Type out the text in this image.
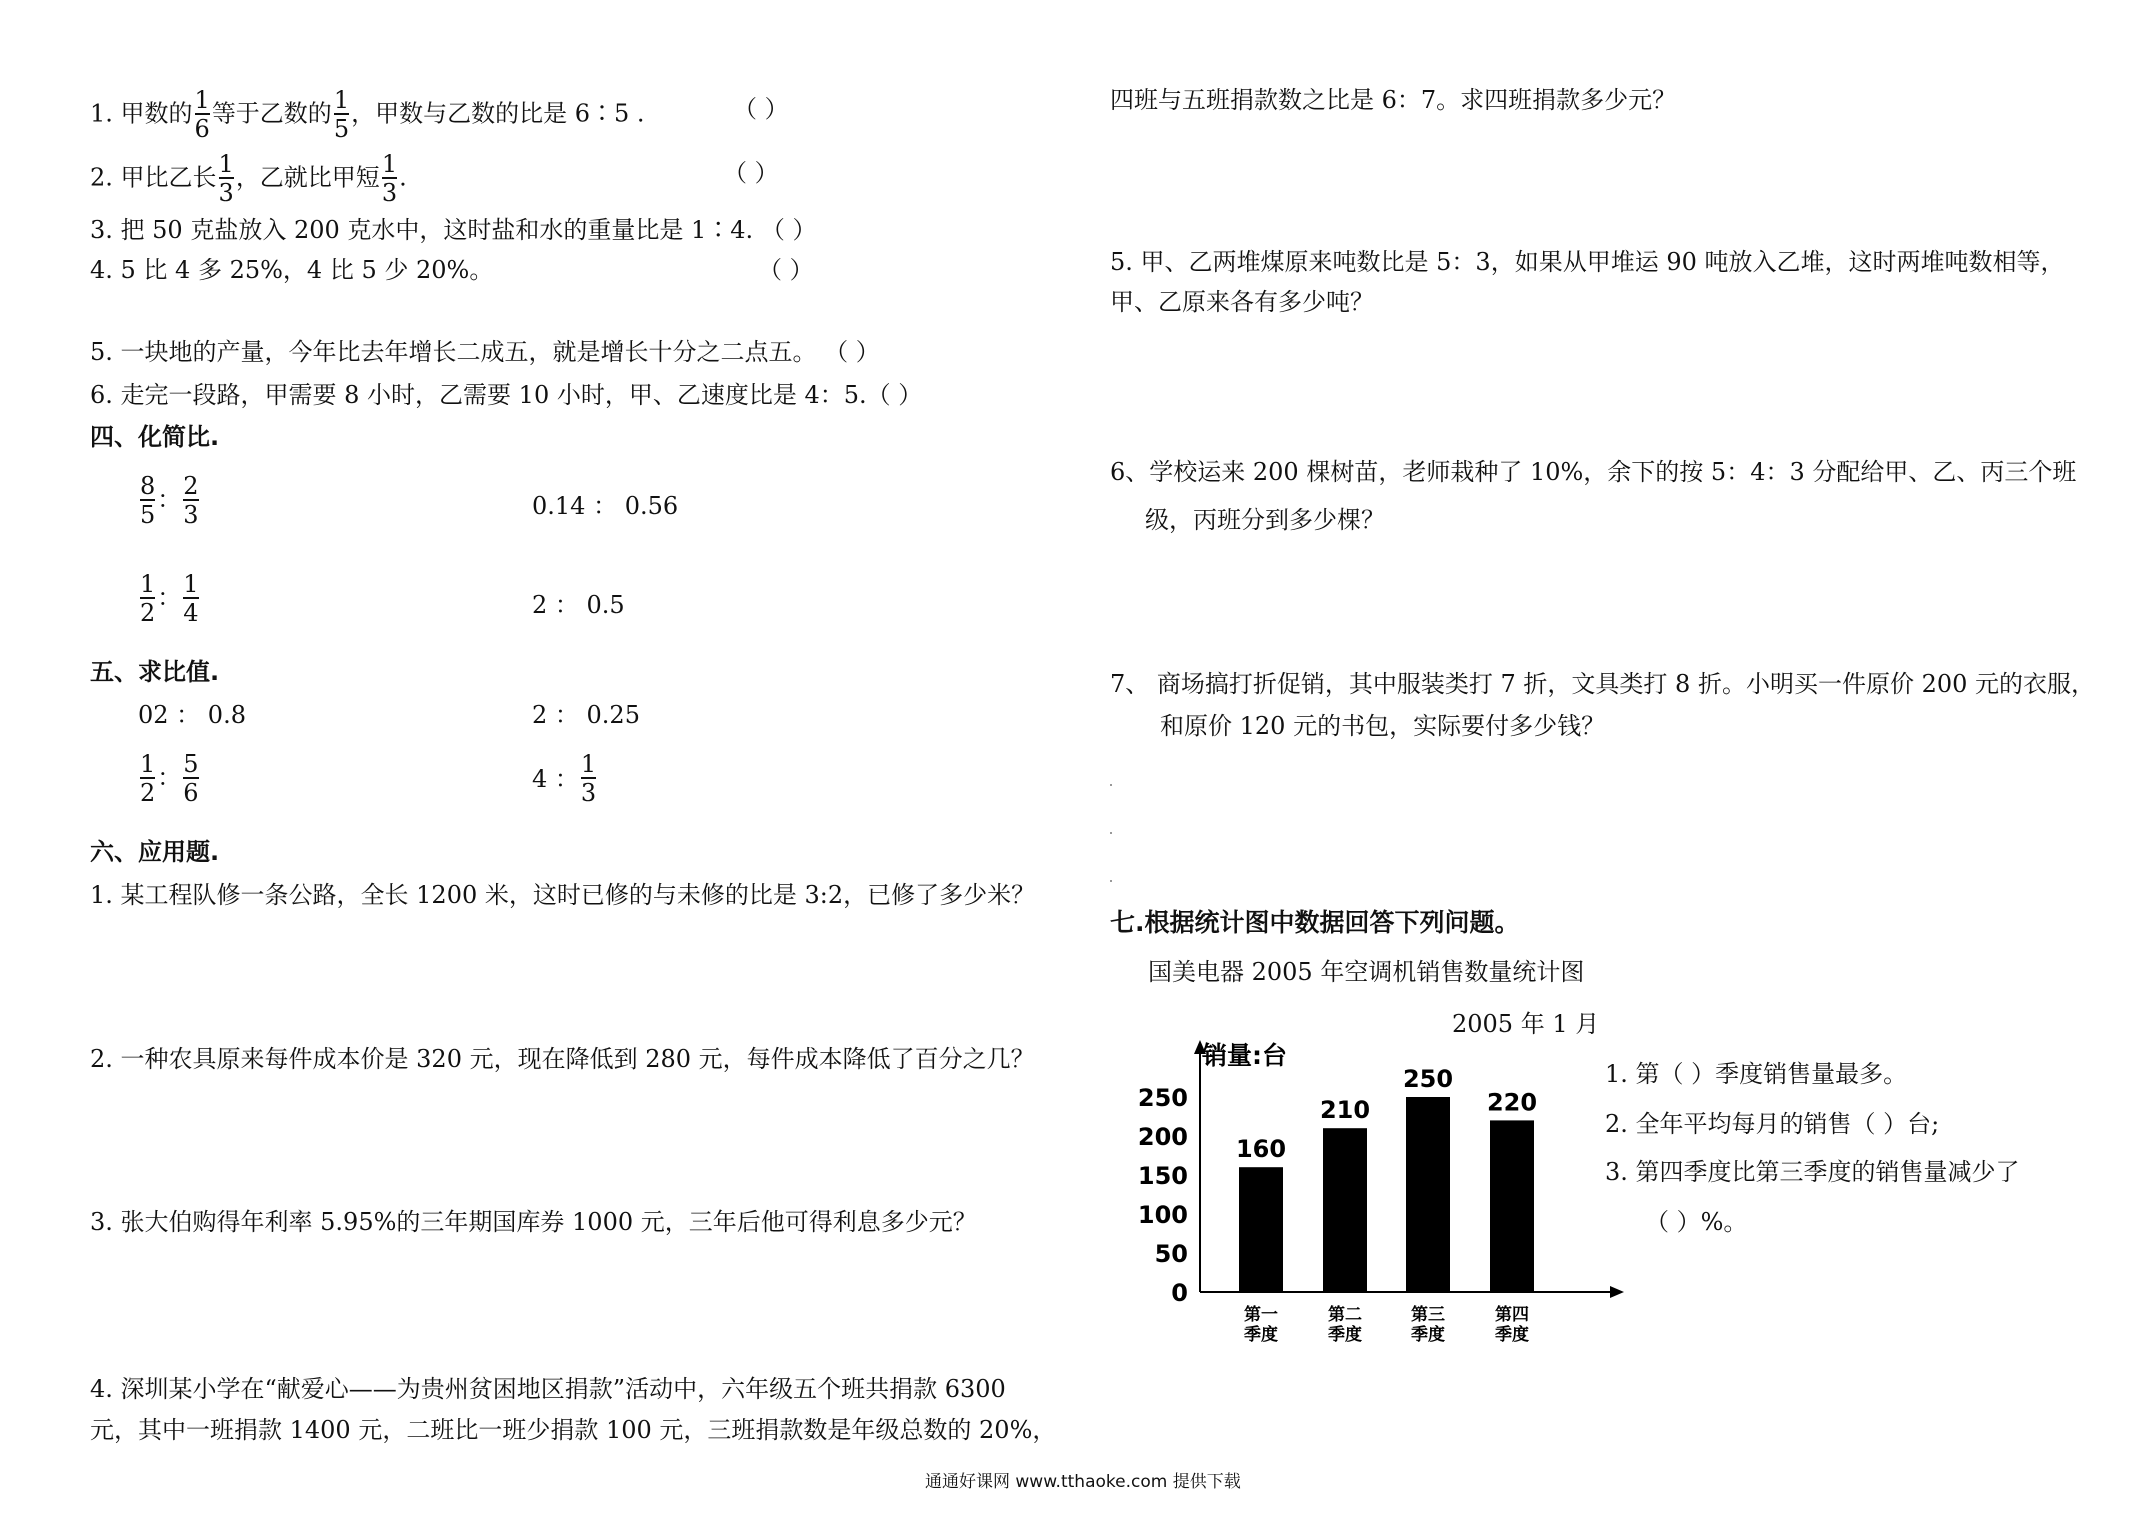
1. 甲数的 $\frac{1}{6}$ 等于乙数的 $\frac{1}{5}$ ，甲数与乙数的比是 6∶5 .	（ ）
2. 甲比乙长 $\frac{1}{3}$ ，乙就比甲短 $\frac{1}{3}$ .	（ ）
3. 把 50 克盐放入 200 克水中，这时盐和水的重量比是 1∶4. （ ）
4. 5 比 4 多 25%，4 比 5 少 20%。	（ ）
5. 一块地的产量，今年比去年增长二成五，就是增长十分之二点五。 （ ）
6. 走完一段路，甲需要 8 小时，乙需要 10 小时，甲、乙速度比是 4：5.（ ）
四、化简比.
$\frac{8}{5}$ ： $\frac{2}{3}$	0.14 ： 0.56
$\frac{1}{2}$ ： $\frac{1}{4}$	2 ： 0.5
五、求比值.
02 ： 0.8	2 ： 0.25
$\frac{1}{2}$ ： $\frac{5}{6}$	4 ： $\frac{1}{3}$
六、应用题.
1. 某工程队修一条公路，全长 1200 米，这时已修的与未修的比是 3:2，已修了多少米？
2. 一种农具原来每件成本价是 320 元，现在降低到 280 元，每件成本降低了百分之几？
3. 张大伯购得年利率 5.95%的三年期国库券 1000 元，三年后他可得利息多少元？
4. 深圳某小学在“献爱心——为贵州贫困地区捐款”活动中，六年级五个班共捐款 6300
元，其中一班捐款 1400 元，二班比一班少捐款 100 元，三班捐款数是年级总数的 20%，
四班与五班捐款数之比是 6：7。求四班捐款多少元？
5. 甲、乙两堆煤原来吨数比是 5：3，如果从甲堆运 90 吨放入乙堆，这时两堆吨数相等，
甲、乙原来各有多少吨？
6、学校运来 200 棵树苗，老师栽种了 10%，余下的按 5：4：3 分配给甲、乙、丙三个班
级，丙班分到多少棵？
7、 商场搞打折促销，其中服装类打 7 折，文具类打 8 折。小明买一件原价 200 元的衣服，
和原价 120 元的书包，实际要付多少钱？
七.根据统计图中数据回答下列问题。
国美电器 2005 年空调机销售数量统计图
2005 年 1 月
销量:台
0
50
100
150
200
250
160
第一
季度
210
第二
季度
250
第三
季度
220
第四
季度
1. 第（ ）季度销售量最多。
2. 全年平均每月的销售（ ）台;
3. 第四季度比第三季度的销售量减少了
（ ）%。
通通好课网 www.tthaoke.com 提供下载
